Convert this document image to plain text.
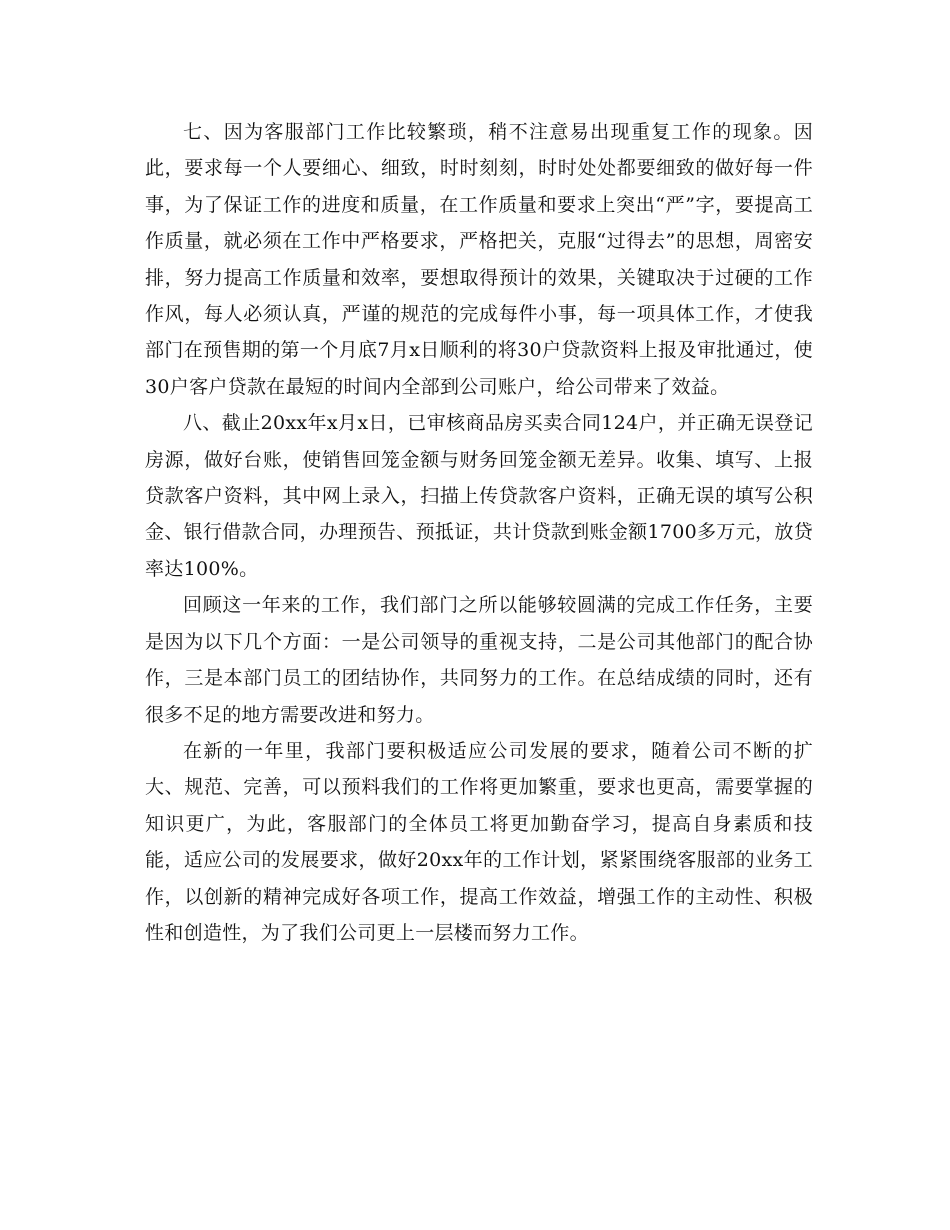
七、因为客服部门工作比较繁琐，稍不注意易出现重复工作的现象。因此，要求每一个人要细心、细致，时时刻刻，时时处处都要细致的做好每一件事，为了保证工作的进度和质量，在工作质量和要求上突出“严”字，要提高工作质量，就必须在工作中严格要求，严格把关，克服“过得去”的思想，周密安排，努力提高工作质量和效率，要想取得预计的效果，关键取决于过硬的工作作风，每人必须认真，严谨的规范的完成每件小事，每一项具体工作，才使我部门在预售期的第一个月底7月x日顺利的将30户贷款资料上报及审批通过，使30户客户贷款在最短的时间内全部到公司账户，给公司带来了效益。

八、截止20xx年x月x日，已审核商品房买卖合同124户，并正确无误登记房源，做好台账，使销售回笼金额与财务回笼金额无差异。收集、填写、上报贷款客户资料，其中网上录入，扫描上传贷款客户资料，正确无误的填写公积金、银行借款合同，办理预告、预抵证，共计贷款到账金额1700多万元，放贷率达100%。

回顾这一年来的工作，我们部门之所以能够较圆满的完成工作任务，主要是因为以下几个方面：一是公司领导的重视支持，二是公司其他部门的配合协作，三是本部门员工的团结协作，共同努力的工作。在总结成绩的同时，还有很多不足的地方需要改进和努力。

在新的一年里，我部门要积极适应公司发展的要求，随着公司不断的扩大、规范、完善，可以预料我们的工作将更加繁重，要求也更高，需要掌握的知识更广，为此，客服部门的全体员工将更加勤奋学习，提高自身素质和技能，适应公司的发展要求，做好20xx年的工作计划，紧紧围绕客服部的业务工作，以创新的精神完成好各项工作，提高工作效益，增强工作的主动性、积极性和创造性，为了我们公司更上一层楼而努力工作。
